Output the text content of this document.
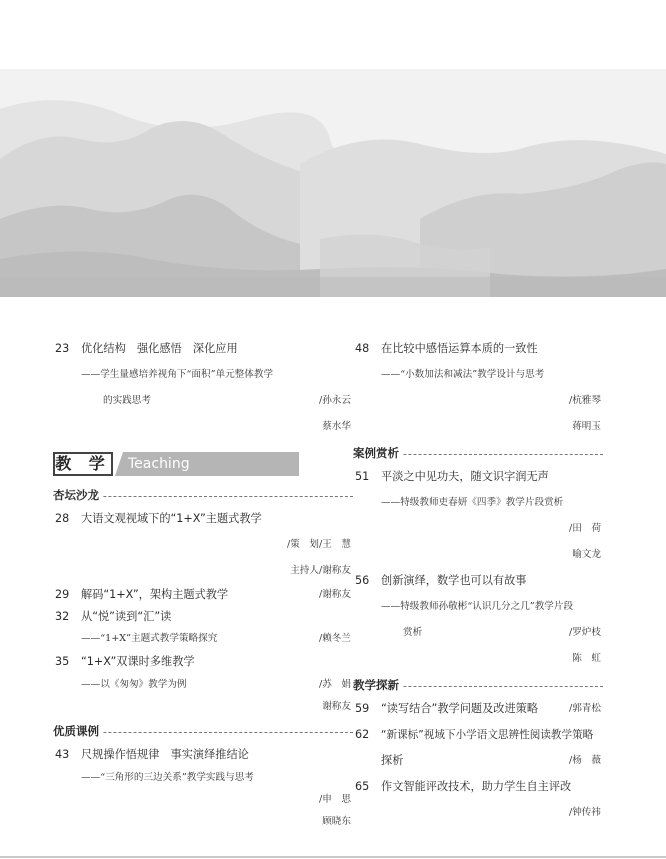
23 优化结构　强化感悟　深化应用
——学生量感培养视角下“面积”单元整体教学
的实践思考	/孙永云
蔡水华
教 学 Teaching
杏坛沙龙
28 大语文观视域下的“1+X”主题式教学
/策　划/王　慧
主持人/谢称友
29 解码“1+X”，架构主题式教学	/谢称友
32 从“悦”读到“汇”读
——“1+X”主题式教学策略探究	/赖冬兰
35 “1+X”双课时多维教学
——以《匆匆》教学为例	/苏　娟
谢称友
优质课例
43 尺规操作悟规律　事实演绎推结论
——“三角形的三边关系”教学实践与思考
/申　思
顾晓东
48 在比较中感悟运算本质的一致性
——“小数加法和减法”教学设计与思考
/杭雅琴
蒋明玉
案例赏析
51 平淡之中见功夫，随文识字润无声
——特级教师吏春妍《四季》教学片段赏析
/田　荷
喻文龙
56 创新演绎，数学也可以有故事
——特级教师孙敬彬“认识几分之几”教学片段
赏析	/罗炉枝
陈　虹
教学探新
59 “读写结合”教学问题及改进策略	/郭青松
62 “新课标”视域下小学语文思辨性阅读教学策略
探析	/杨　薇
65 作文智能评改技术，助力学生自主评改
/钟传祎
